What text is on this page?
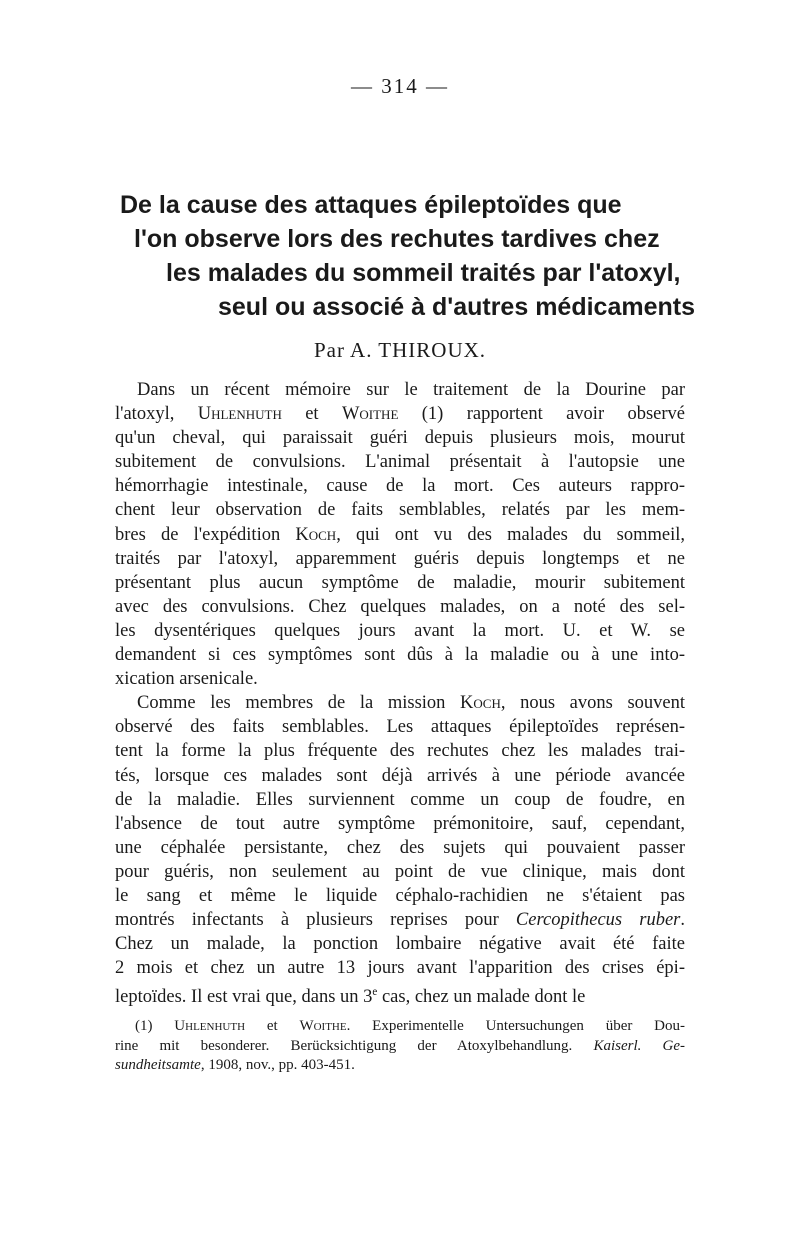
— 314 —
De la cause des attaques épileptoïdes que
l'on observe lors des rechutes tardives chez
les malades du sommeil traités par l'atoxyl,
seul ou associé à d'autres médicaments
Par A. THIROUX.
Dans un récent mémoire sur le traitement de la Dourine par
l'atoxyl, Uhlenhuth et Woithe (1) rapportent avoir observé
qu'un cheval, qui paraissait guéri depuis plusieurs mois, mourut
subitement de convulsions. L'animal présentait à l'autopsie une
hémorrhagie intestinale, cause de la mort. Ces auteurs rappro-
chent leur observation de faits semblables, relatés par les mem-
bres de l'expédition Koch, qui ont vu des malades du sommeil,
traités par l'atoxyl, apparemment guéris depuis longtemps et ne
présentant plus aucun symptôme de maladie, mourir subitement
avec des convulsions. Chez quelques malades, on a noté des sel-
les dysentériques quelques jours avant la mort. U. et W. se
demandent si ces symptômes sont dûs à la maladie ou à une into-
xication arsenicale.
Comme les membres de la mission Koch, nous avons souvent
observé des faits semblables. Les attaques épileptoïdes représen-
tent la forme la plus fréquente des rechutes chez les malades trai-
tés, lorsque ces malades sont déjà arrivés à une période avancée
de la maladie. Elles surviennent comme un coup de foudre, en
l'absence de tout autre symptôme prémonitoire, sauf, cependant,
une céphalée persistante, chez des sujets qui pouvaient passer
pour guéris, non seulement au point de vue clinique, mais dont
le sang et même le liquide céphalo-rachidien ne s'étaient pas
montrés infectants à plusieurs reprises pour Cercopithecus ruber.
Chez un malade, la ponction lombaire négative avait été faite
2 mois et chez un autre 13 jours avant l'apparition des crises épi-
leptoïdes. Il est vrai que, dans un 3e cas, chez un malade dont le
(1) Uhlenhuth et Woithe. Experimentelle Untersuchungen über Dou-
rine mit besonderer. Berücksichtigung der Atoxylbehandlung. Kaiserl. Ge-
sundheitsamte, 1908, nov., pp. 403-451.
